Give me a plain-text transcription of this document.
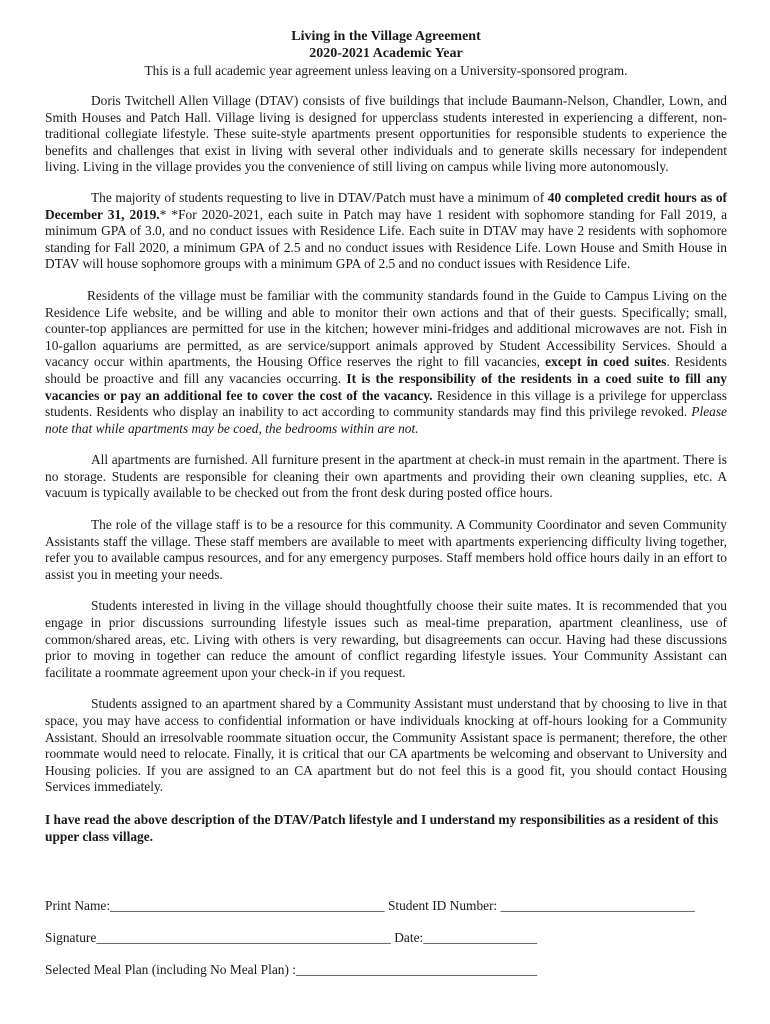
Living in the Village Agreement
2020-2021 Academic Year
This is a full academic year agreement unless leaving on a University-sponsored program.

Doris Twitchell Allen Village (DTAV) consists of five buildings that include Baumann-Nelson, Chandler, Lown, and Smith Houses and Patch Hall. Village living is designed for upperclass students interested in experiencing a different, non-traditional collegiate lifestyle. These suite-style apartments present opportunities for responsible students to experience the benefits and challenges that exist in living with several other individuals and to generate skills necessary for independent living. Living in the village provides you the convenience of still living on campus while living more autonomously.

The majority of students requesting to live in DTAV/Patch must have a minimum of 40 completed credit hours as of December 31, 2019.* *For 2020-2021, each suite in Patch may have 1 resident with sophomore standing for Fall 2019, a minimum GPA of 3.0, and no conduct issues with Residence Life. Each suite in DTAV may have 2 residents with sophomore standing for Fall 2020, a minimum GPA of 2.5 and no conduct issues with Residence Life. Lown House and Smith House in DTAV will house sophomore groups with a minimum GPA of 2.5 and no conduct issues with Residence Life.

Residents of the village must be familiar with the community standards found in the Guide to Campus Living on the Residence Life website, and be willing and able to monitor their own actions and that of their guests. Specifically; small, counter-top appliances are permitted for use in the kitchen; however mini-fridges and additional microwaves are not. Fish in 10-gallon aquariums are permitted, as are service/support animals approved by Student Accessibility Services. Should a vacancy occur within apartments, the Housing Office reserves the right to fill vacancies, except in coed suites. Residents should be proactive and fill any vacancies occurring. It is the responsibility of the residents in a coed suite to fill any vacancies or pay an additional fee to cover the cost of the vacancy. Residence in this village is a privilege for upperclass students. Residents who display an inability to act according to community standards may find this privilege revoked. Please note that while apartments may be coed, the bedrooms within are not.

All apartments are furnished. All furniture present in the apartment at check-in must remain in the apartment. There is no storage. Students are responsible for cleaning their own apartments and providing their own cleaning supplies, etc. A vacuum is typically available to be checked out from the front desk during posted office hours.

The role of the village staff is to be a resource for this community. A Community Coordinator and seven Community Assistants staff the village. These staff members are available to meet with apartments experiencing difficulty living together, refer you to available campus resources, and for any emergency purposes. Staff members hold office hours daily in an effort to assist you in meeting your needs.

Students interested in living in the village should thoughtfully choose their suite mates. It is recommended that you engage in prior discussions surrounding lifestyle issues such as meal-time preparation, apartment cleanliness, use of common/shared areas, etc. Living with others is very rewarding, but disagreements can occur. Having had these discussions prior to moving in together can reduce the amount of conflict regarding lifestyle issues. Your Community Assistant can facilitate a roommate agreement upon your check-in if you request.

Students assigned to an apartment shared by a Community Assistant must understand that by choosing to live in that space, you may have access to confidential information or have individuals knocking at off-hours looking for a Community Assistant. Should an irresolvable roommate situation occur, the Community Assistant space is permanent; therefore, the other roommate would need to relocate. Finally, it is critical that our CA apartments be welcoming and observant to University and Housing policies. If you are assigned to an CA apartment but do not feel this is a good fit, you should contact Housing Services immediately.

I have read the above description of the DTAV/Patch lifestyle and I understand my responsibilities as a resident of this upper class village.

Print Name:_________________________________________ Student ID Number: _____________________________
Signature____________________________________________ Date:_________________
Selected Meal Plan (including No Meal Plan) :____________________________________
